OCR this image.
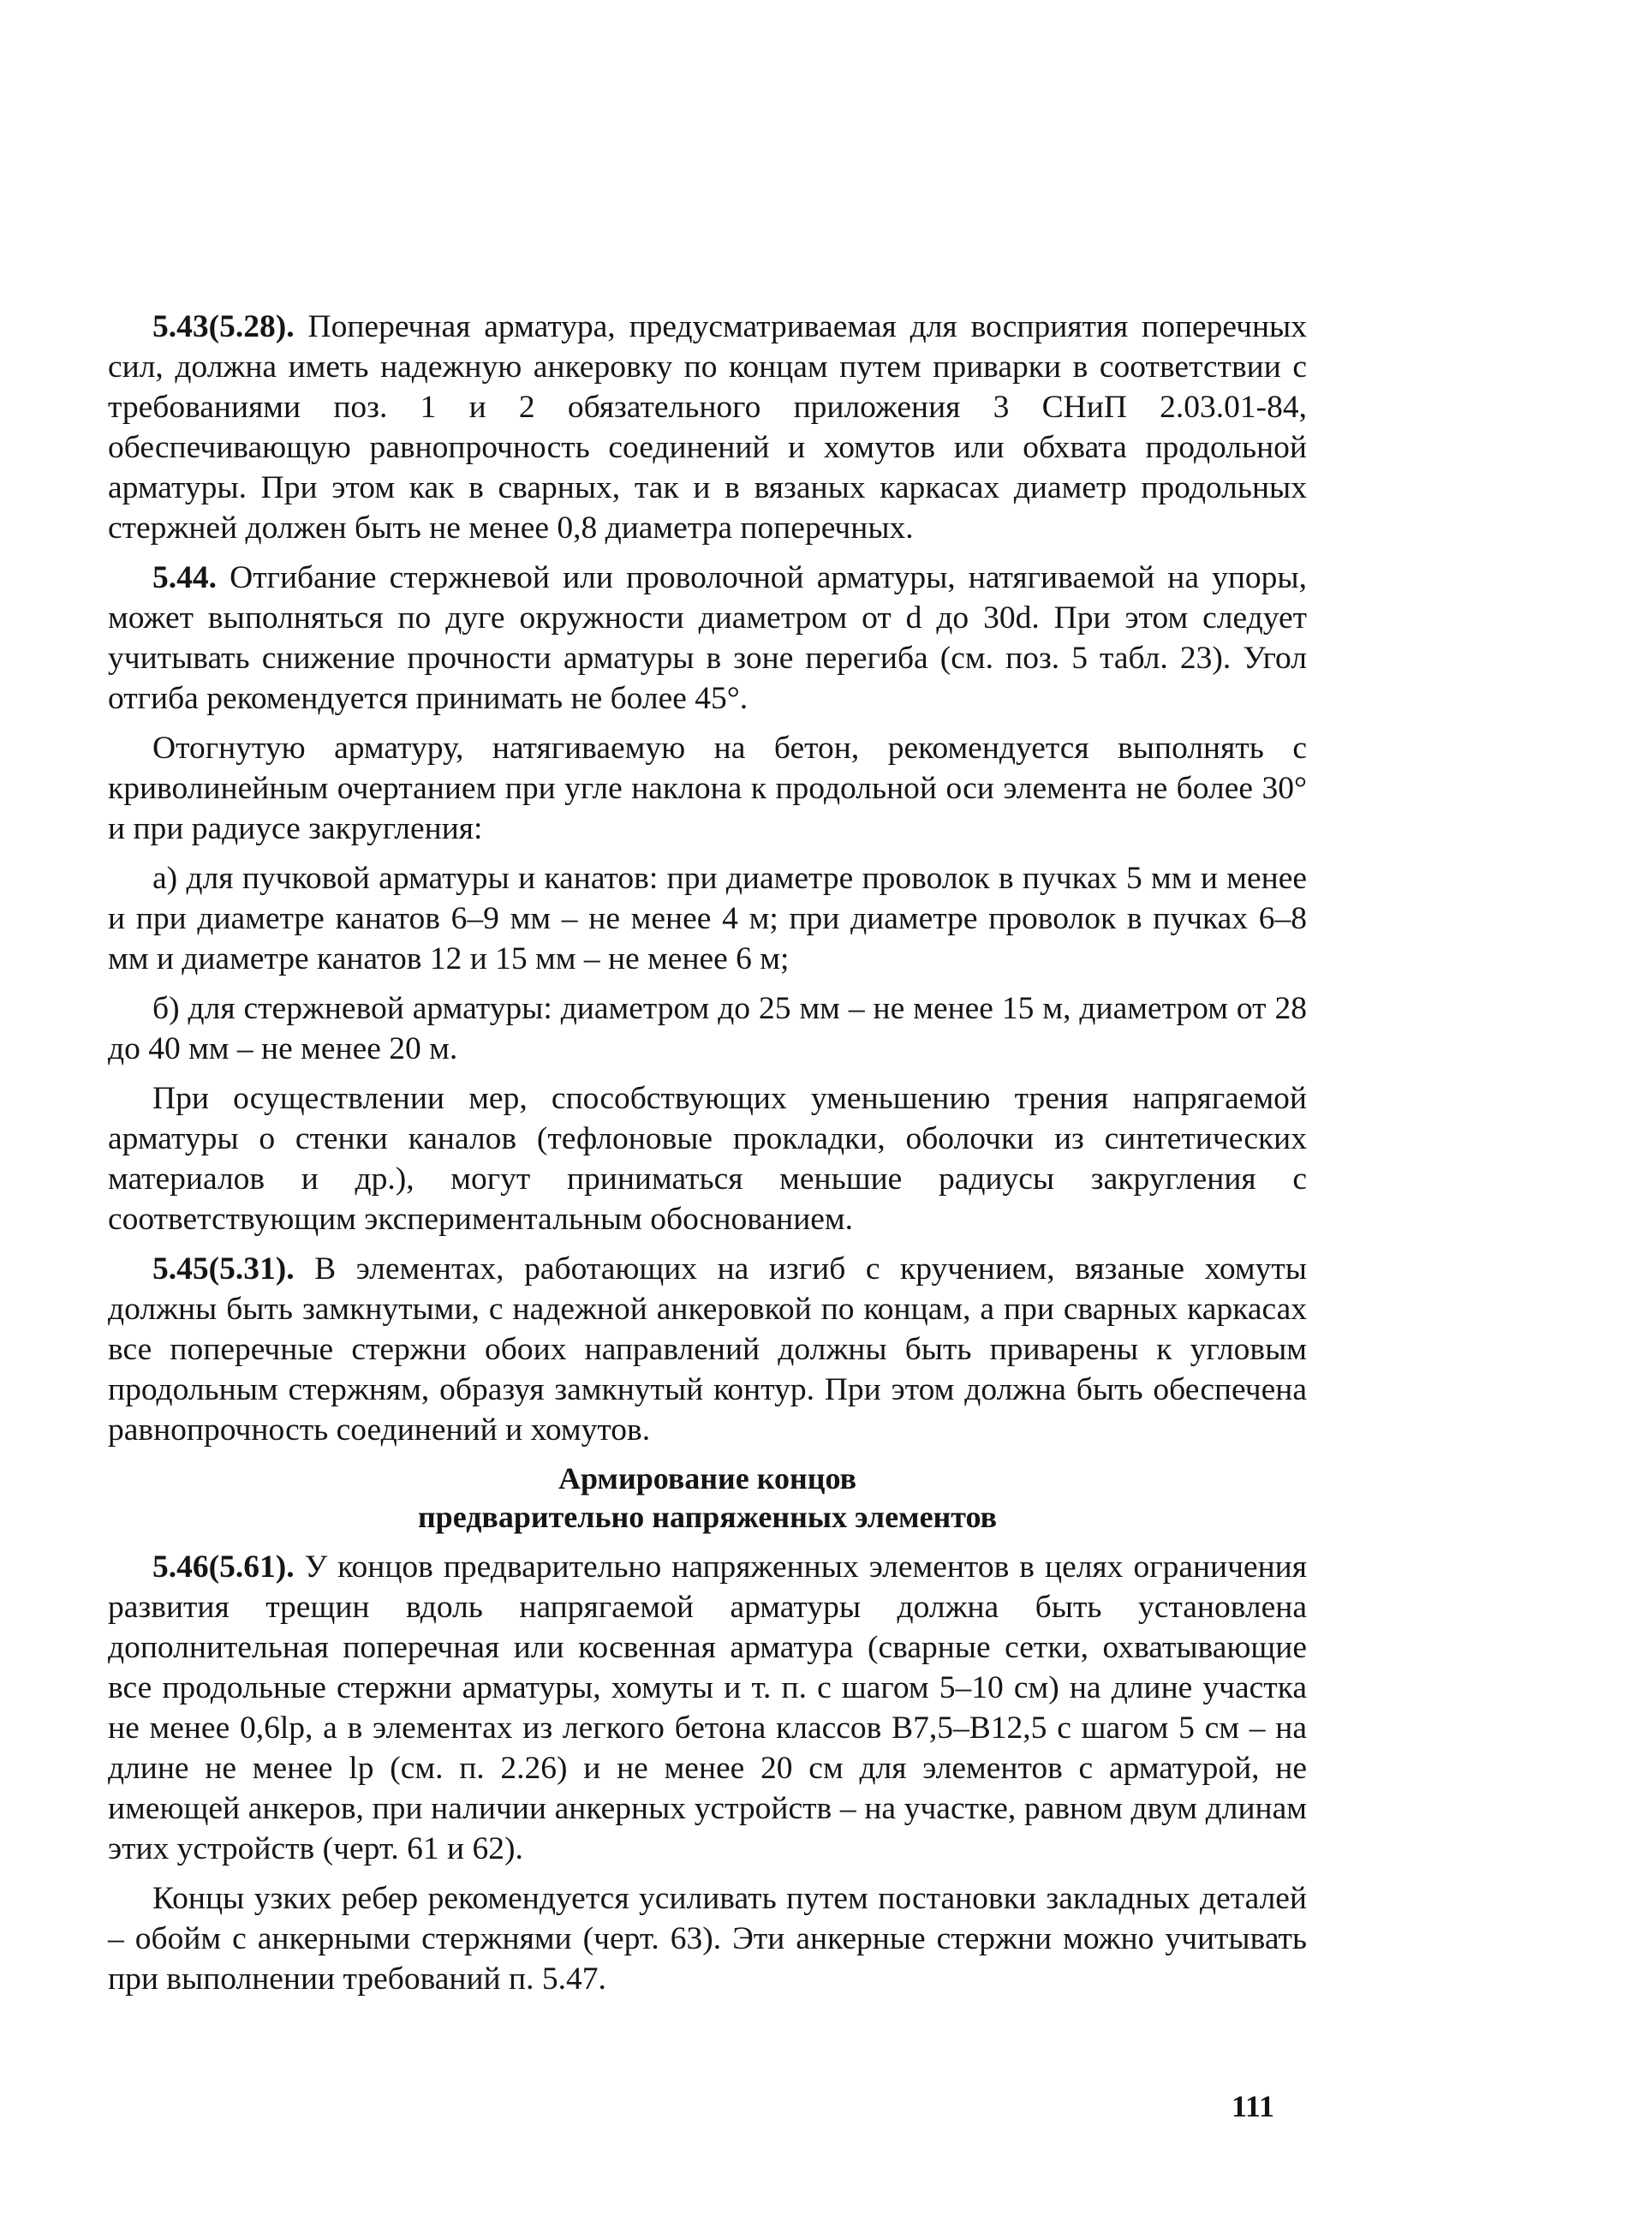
5.43(5.28). Поперечная арматура, предусматриваемая для восприятия поперечных сил, должна иметь надежную анкеровку по концам путем приварки в соответствии с требованиями поз. 1 и 2 обязательного приложения 3 СНиП 2.03.01-84, обеспечивающую равнопрочность соединений и хомутов или обхвата продольной арматуры. При этом как в сварных, так и в вязаных каркасах диаметр продольных стержней должен быть не менее 0,8 диаметра поперечных.

5.44. Отгибание стержневой или проволочной арматуры, натягиваемой на упоры, может выполняться по дуге окружности диаметром от d до 30d. При этом следует учитывать снижение прочности арматуры в зоне перегиба (см. поз. 5 табл. 23). Угол отгиба рекомендуется принимать не более 45°.

Отогнутую арматуру, натягиваемую на бетон, рекомендуется выполнять с криволинейным очертанием при угле наклона к продольной оси элемента не более 30° и при радиусе закругления:

а) для пучковой арматуры и канатов: при диаметре проволок в пучках 5 мм и менее и при диаметре канатов 6–9 мм – не менее 4 м; при диаметре проволок в пучках 6–8 мм и диаметре канатов 12 и 15 мм – не менее 6 м;

б) для стержневой арматуры: диаметром до 25 мм – не менее 15 м, диаметром от 28 до 40 мм – не менее 20 м.

При осуществлении мер, способствующих уменьшению трения напрягаемой арматуры о стенки каналов (тефлоновые прокладки, оболочки из синтетических материалов и др.), могут приниматься меньшие радиусы закругления с соответствующим экспериментальным обоснованием.

5.45(5.31). В элементах, работающих на изгиб с кручением, вязаные хомуты должны быть замкнутыми, с надежной анкеровкой по концам, а при сварных каркасах все поперечные стержни обоих направлений должны быть приварены к угловым продольным стержням, образуя замкнутый контур. При этом должна быть обеспечена равнопрочность соединений и хомутов.

Армирование концов
предварительно напряженных элементов

5.46(5.61). У концов предварительно напряженных элементов в целях ограничения развития трещин вдоль напрягаемой арматуры должна быть установлена дополнительная поперечная или косвенная арматура (сварные сетки, охватывающие все продольные стержни арматуры, хомуты и т. п. с шагом 5–10 см) на длине участка не менее 0,6lp, а в элементах из легкого бетона классов В7,5–В12,5 с шагом 5 см – на длине не менее lp (см. п. 2.26) и не менее 20 см для элементов с арматурой, не имеющей анкеров, при наличии анкерных устройств – на участке, равном двум длинам этих устройств (черт. 61 и 62).

Концы узких ребер рекомендуется усиливать путем постановки закладных деталей – обойм с анкерными стержнями (черт. 63). Эти анкерные стержни можно учитывать при выполнении требований п. 5.47.

111
